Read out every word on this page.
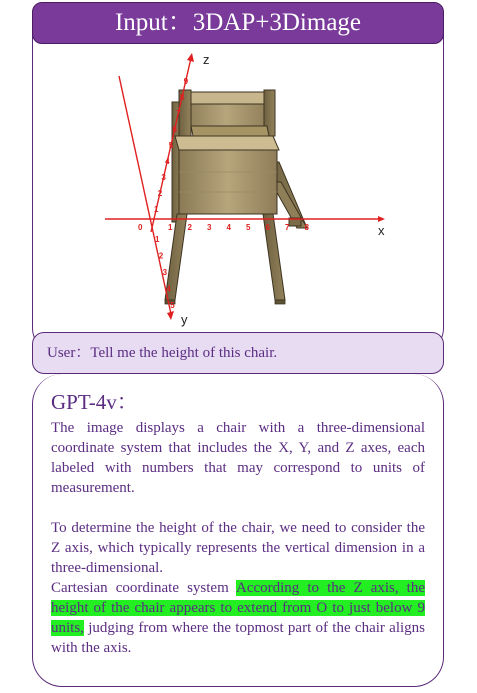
Input：3DAP+3Dimage
x
y
z
0	1 2 3 4 5 6 7 8
1
2
3
4
5
1
2
3
4
5
6
7
8
9
User：Tell me the height of this chair.
GPT-4v：

The image displays a chair with a three-dimensional coordinate system that includes the X, Y, and Z axes, each labeled with numbers that may correspond to units of measurement.

To determine the height of the chair, we need to consider the Z axis, which typically represents the vertical dimension in a three-dimensional.

Cartesian coordinate system According to the Z axis, the height of the chair appears to extend from O to just below 9 units, judging from where the topmost part of the chair aligns with the axis.
